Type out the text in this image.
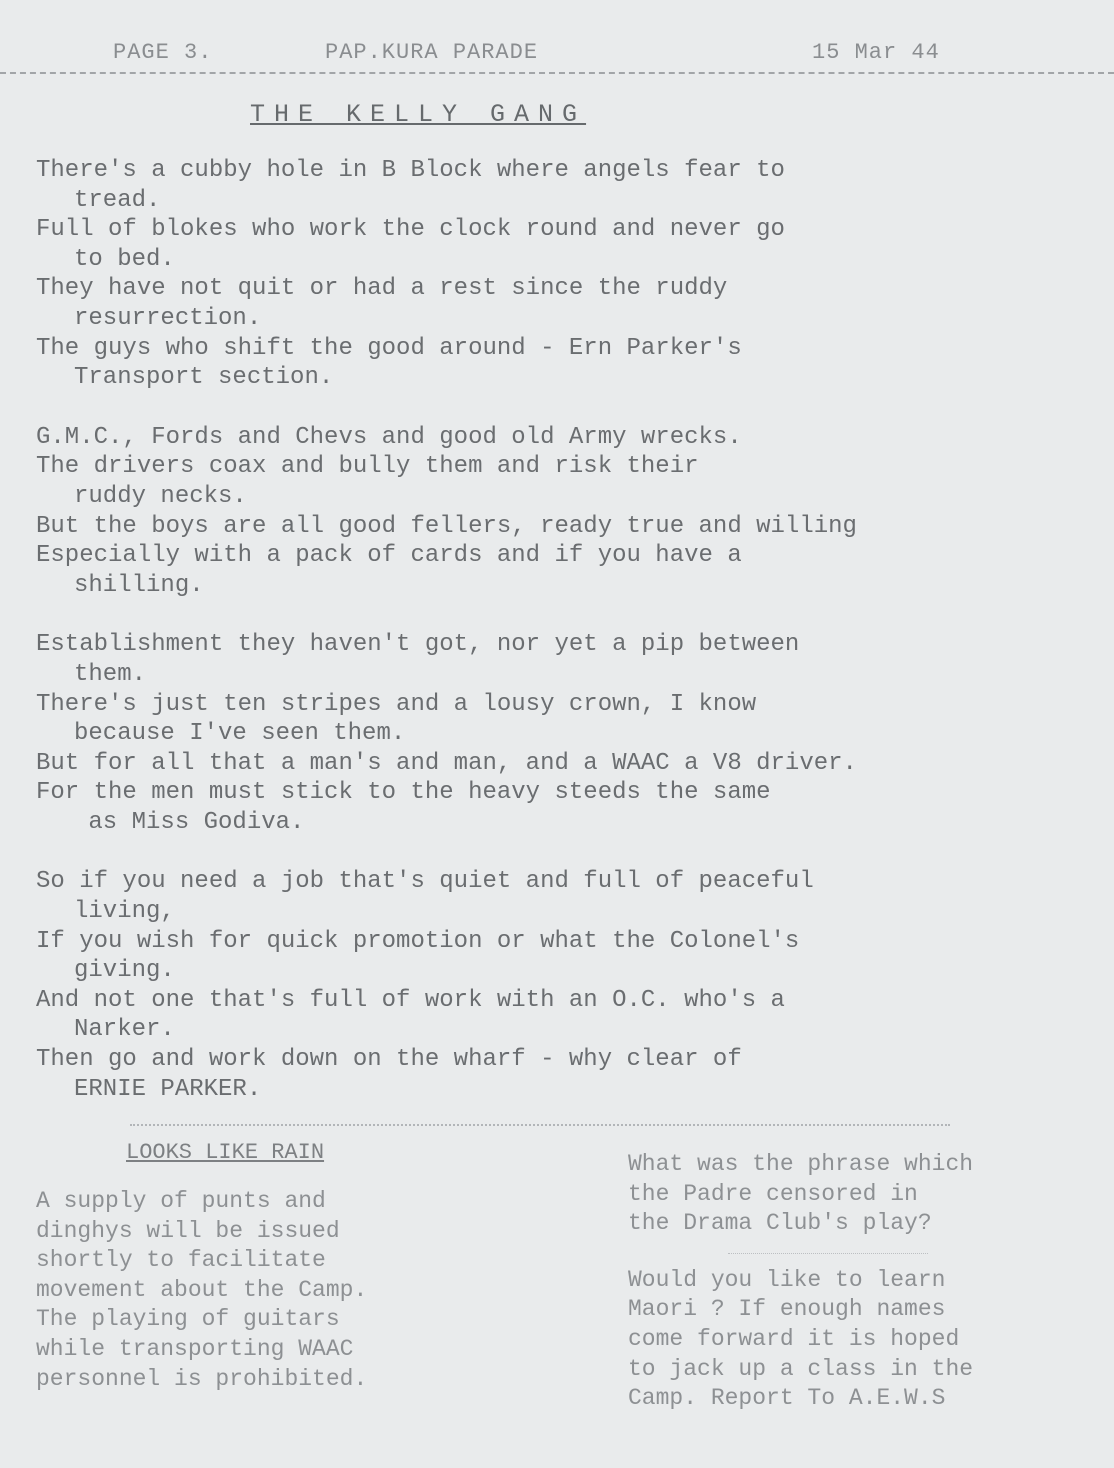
PAGE 3.	PAP.KURA PARADE	15 Mar 44
THE KELLY GANG
There's a cubby hole in B Block where angels fear to
tread.
Full of blokes who work the clock round and never go
to bed.
They have not quit or had a rest since the ruddy
resurrection.
The guys who shift the good around - Ern Parker's
Transport section.
G.M.C., Fords and Chevs and good old Army wrecks.
The drivers coax and bully them and risk their
ruddy necks.
But the boys are all good fellers, ready true and willing
Especially with a pack of cards and if you have a
shilling.
Establishment they haven't got, nor yet a pip between
them.
There's just ten stripes and a lousy crown, I know
because I've seen them.
But for all that a man's and man, and a WAAC a V8 driver.
For the men must stick to the heavy steeds the same
as Miss Godiva.
So if you need a job that's quiet and full of peaceful
living,
If you wish for quick promotion or what the Colonel's
giving.
And not one that's full of work with an O.C. who's a
Narker.
Then go and work down on the wharf - why clear of
ERNIE PARKER.
LOOKS LIKE RAIN
A supply of punts and
dinghys will be issued
shortly to facilitate
movement about the Camp.
The playing of guitars
while transporting WAAC
personnel is prohibited.
What was the phrase which
the Padre censored in
the Drama Club's play?
Would you like to learn
Maori ? If enough names
come forward it is hoped
to jack up a class in the
Camp. Report To A.E.W.S
